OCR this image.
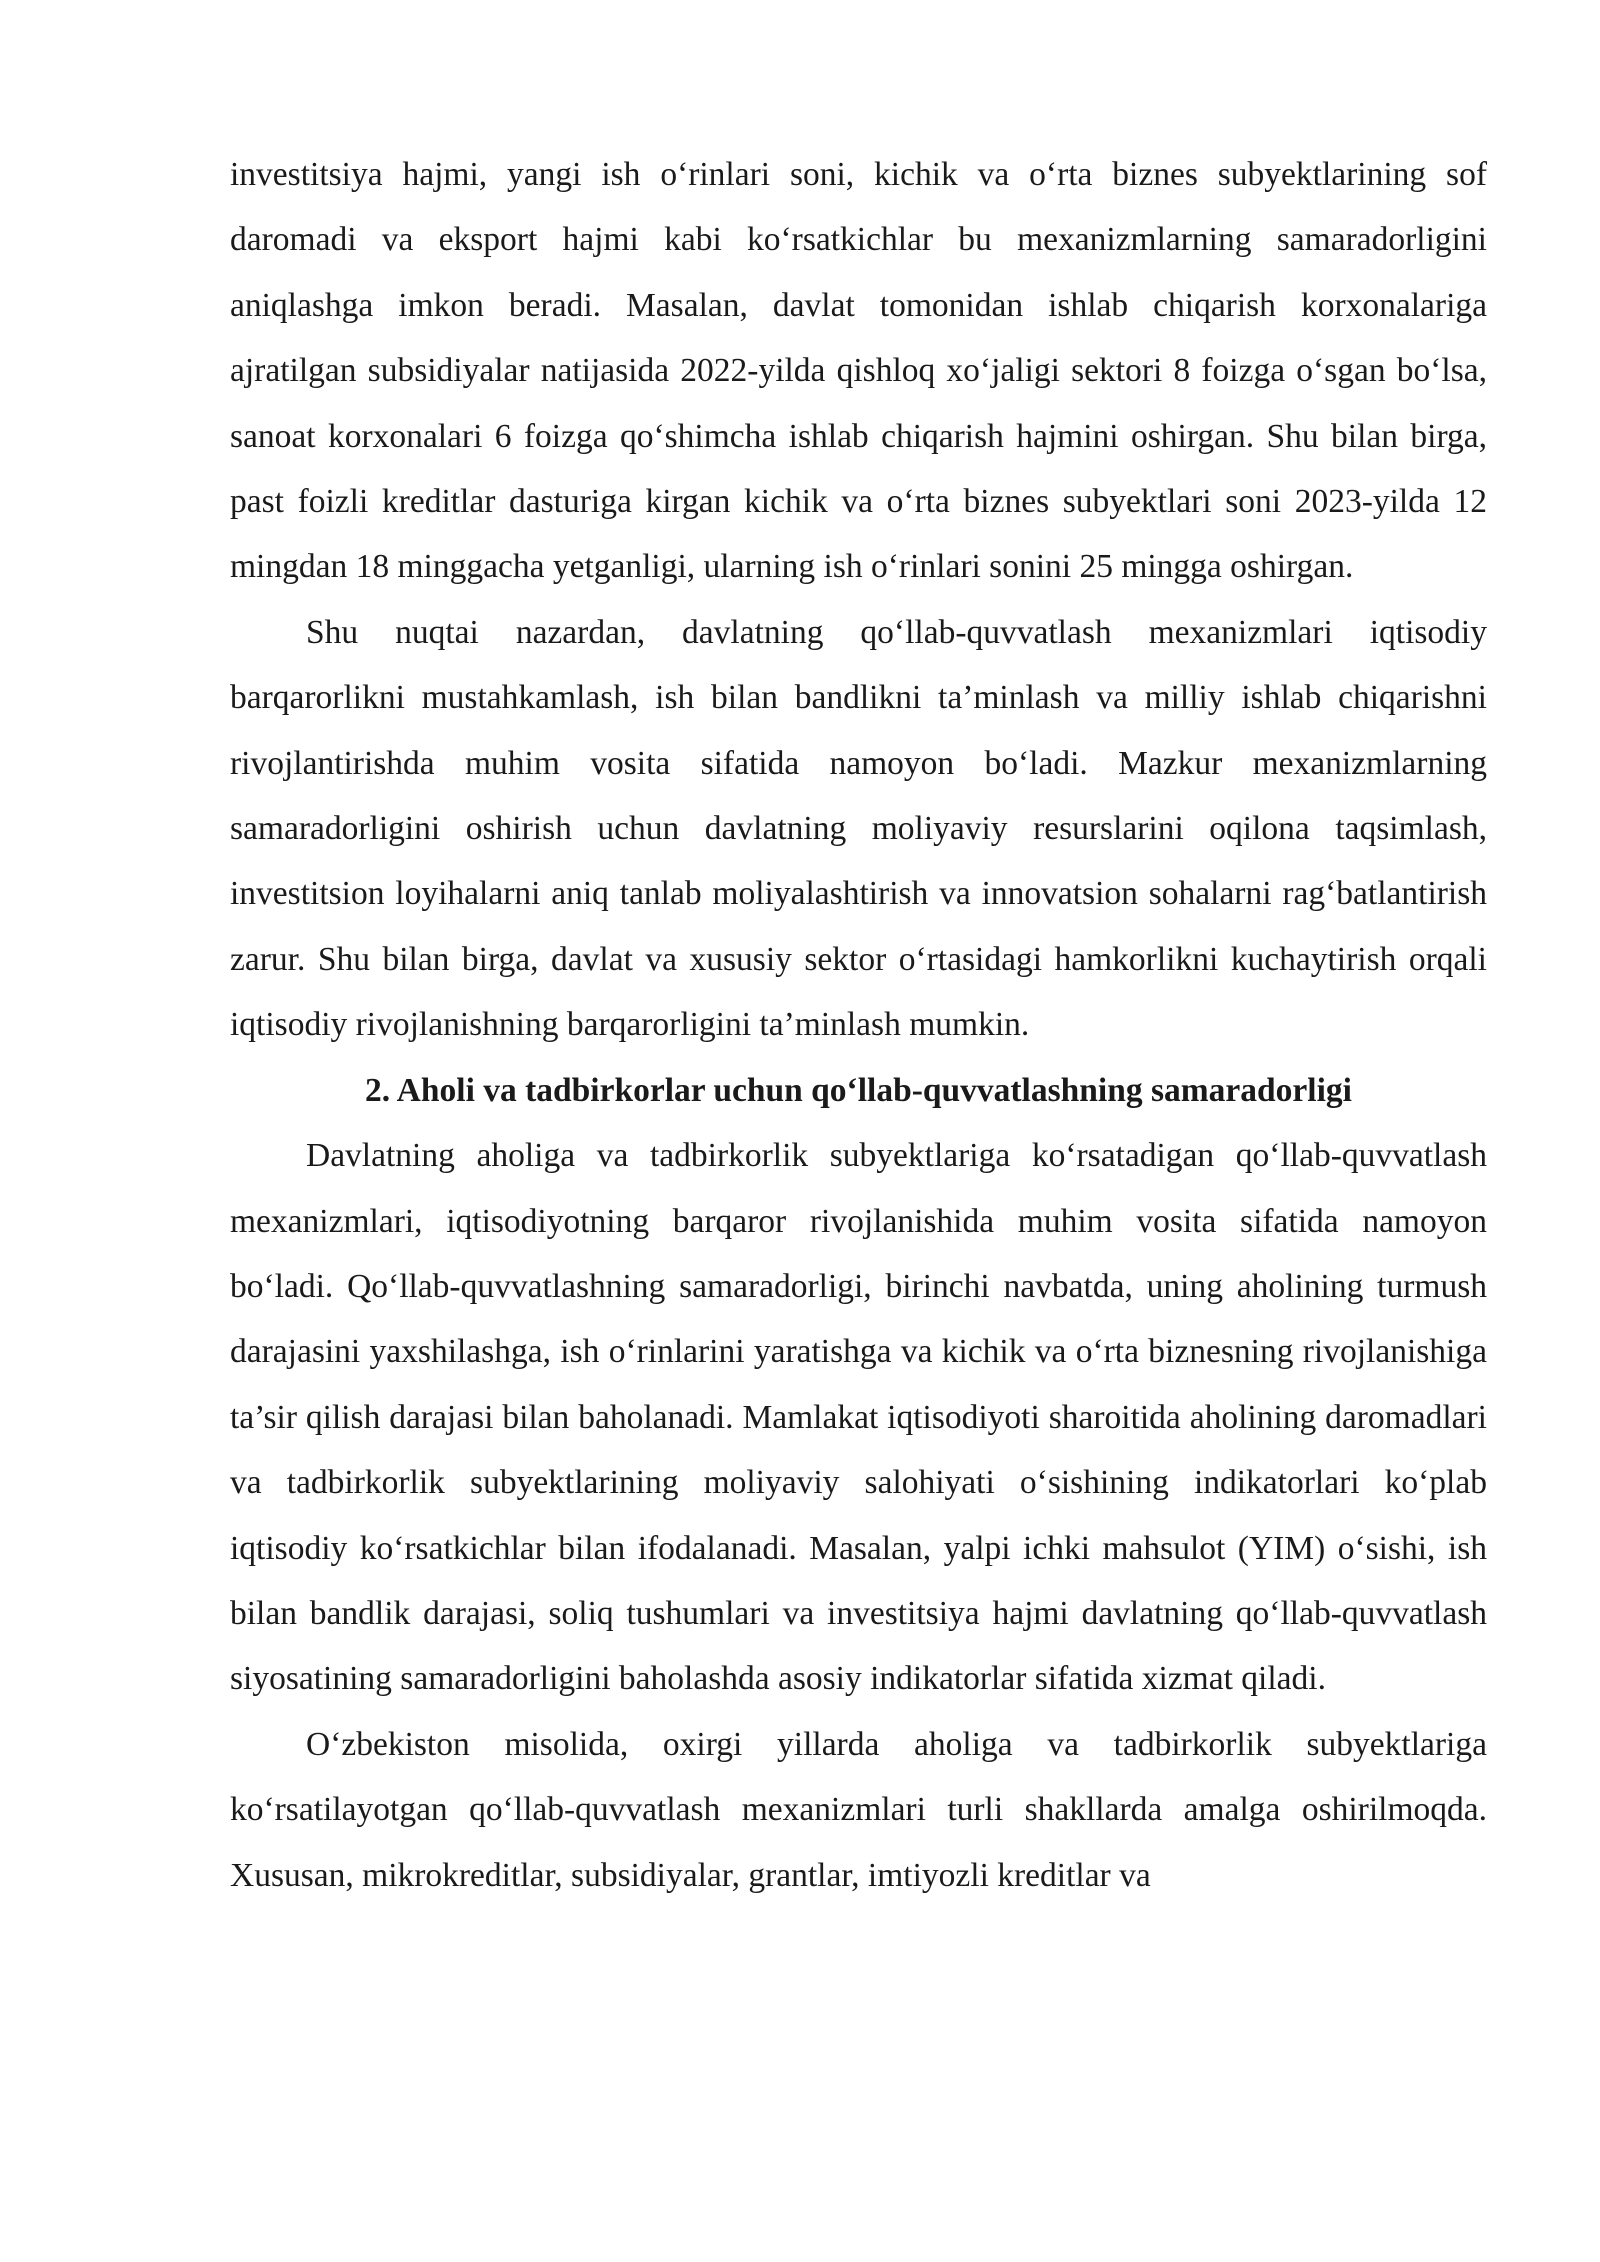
investitsiya hajmi, yangi ish o‘rinlari soni, kichik va o‘rta biznes subyektlarining sof daromadi va eksport hajmi kabi ko‘rsatkichlar bu mexanizmlarning samaradorligini aniqlashga imkon beradi. Masalan, davlat tomonidan ishlab chiqarish korxonalariga ajratilgan subsidiyalar natijasida 2022-yilda qishloq xo‘jaligi sektori 8 foizga o‘sgan bo‘lsa, sanoat korxonalari 6 foizga qo‘shimcha ishlab chiqarish hajmini oshirgan. Shu bilan birga, past foizli kreditlar dasturiga kirgan kichik va o‘rta biznes subyektlari soni 2023-yilda 12 mingdan 18 minggacha yetganligi, ularning ish o‘rinlari sonini 25 mingga oshirgan.

Shu nuqtai nazardan, davlatning qo‘llab-quvvatlash mexanizmlari iqtisodiy barqarorlikni mustahkamlash, ish bilan bandlikni ta’minlash va milliy ishlab chiqarishni rivojlantirishda muhim vosita sifatida namoyon bo‘ladi. Mazkur mexanizmlarning samaradorligini oshirish uchun davlatning moliyaviy resurslarini oqilona taqsimlash, investitsion loyihalarni aniq tanlab moliyalashtirish va innovatsion sohalarni rag‘batlantirish zarur. Shu bilan birga, davlat va xususiy sektor o‘rtasidagi hamkorlikni kuchaytirish orqali iqtisodiy rivojlanishning barqarorligini ta’minlash mumkin.

2. Aholi va tadbirkorlar uchun qo‘llab-quvvatlashning samaradorligi

Davlatning aholiga va tadbirkorlik subyektlariga ko‘rsatadigan qo‘llab-quvvatlash mexanizmlari, iqtisodiyotning barqaror rivojlanishida muhim vosita sifatida namoyon bo‘ladi. Qo‘llab-quvvatlashning samaradorligi, birinchi navbatda, uning aholining turmush darajasini yaxshilashga, ish o‘rinlarini yaratishga va kichik va o‘rta biznesning rivojlanishiga ta’sir qilish darajasi bilan baholanadi. Mamlakat iqtisodiyoti sharoitida aholining daromadlari va tadbirkorlik subyektlarining moliyaviy salohiyati o‘sishining indikatorlari ko‘plab iqtisodiy ko‘rsatkichlar bilan ifodalanadi. Masalan, yalpi ichki mahsulot (YIM) o‘sishi, ish bilan bandlik darajasi, soliq tushumlari va investitsiya hajmi davlatning qo‘llab-quvvatlash siyosatining samaradorligini baholashda asosiy indikatorlar sifatida xizmat qiladi.

O‘zbekiston misolida, oxirgi yillarda aholiga va tadbirkorlik subyektlariga ko‘rsatilayotgan qo‘llab-quvvatlash mexanizmlari turli shakllarda amalga oshirilmoqda. Xususan, mikrokreditlar, subsidiyalar, grantlar, imtiyozli kreditlar va
